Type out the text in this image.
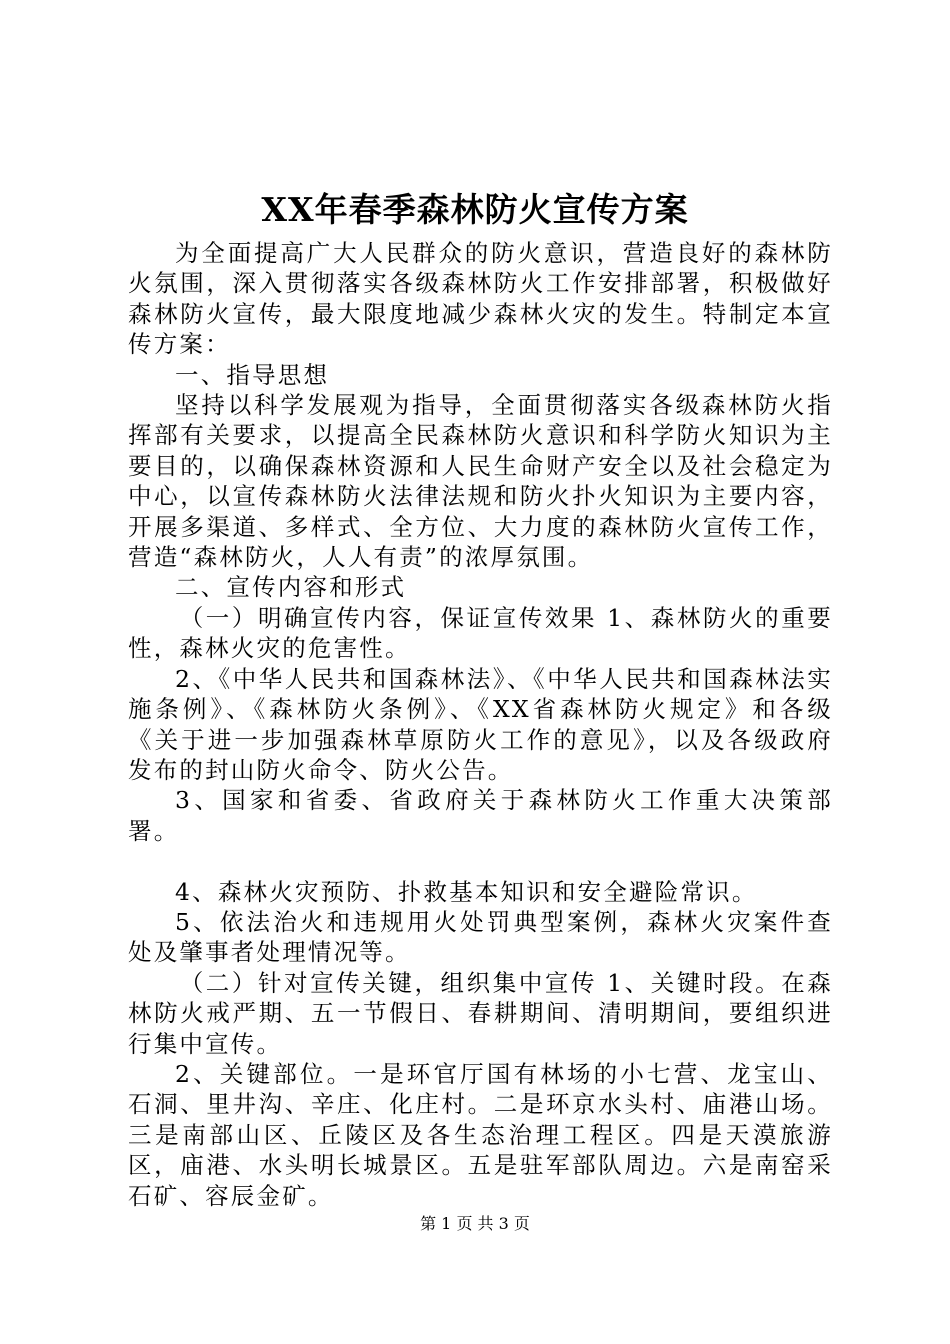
XX年春季森林防火宣传方案

为全面提高广大人民群众的防火意识，营造良好的森林防火氛围，深入贯彻落实各级森林防火工作安排部署，积极做好森林防火宣传，最大限度地减少森林火灾的发生。特制定本宣传方案：

一、指导思想

坚持以科学发展观为指导，全面贯彻落实各级森林防火指挥部有关要求，以提高全民森林防火意识和科学防火知识为主要目的，以确保森林资源和人民生命财产安全以及社会稳定为中心，以宣传森林防火法律法规和防火扑火知识为主要内容，开展多渠道、多样式、全方位、大力度的森林防火宣传工作，营造“森林防火，人人有责”的浓厚氛围。

二、宣传内容和形式

（一）明确宣传内容，保证宣传效果 1、森林防火的重要性，森林火灾的危害性。

2、《中华人民共和国森林法》、《中华人民共和国森林法实施条例》、《森林防火条例》、《XX省森林防火规定》和各级《关于进一步加强森林草原防火工作的意见》，以及各级政府发布的封山防火命令、防火公告。

3、国家和省委、省政府关于森林防火工作重大决策部署。

4、森林火灾预防、扑救基本知识和安全避险常识。

5、依法治火和违规用火处罚典型案例，森林火灾案件查处及肇事者处理情况等。

（二）针对宣传关键，组织集中宣传 1、关键时段。在森林防火戒严期、五一节假日、春耕期间、清明期间，要组织进行集中宣传。

2、关键部位。一是环官厅国有林场的小七营、龙宝山、石洞、里井沟、辛庄、化庄村。二是环京水头村、庙港山场。三是南部山区、丘陵区及各生态治理工程区。四是天漠旅游区，庙港、水头明长城景区。五是驻军部队周边。六是南窑采石矿、容辰金矿。

第 1 页 共 3 页
